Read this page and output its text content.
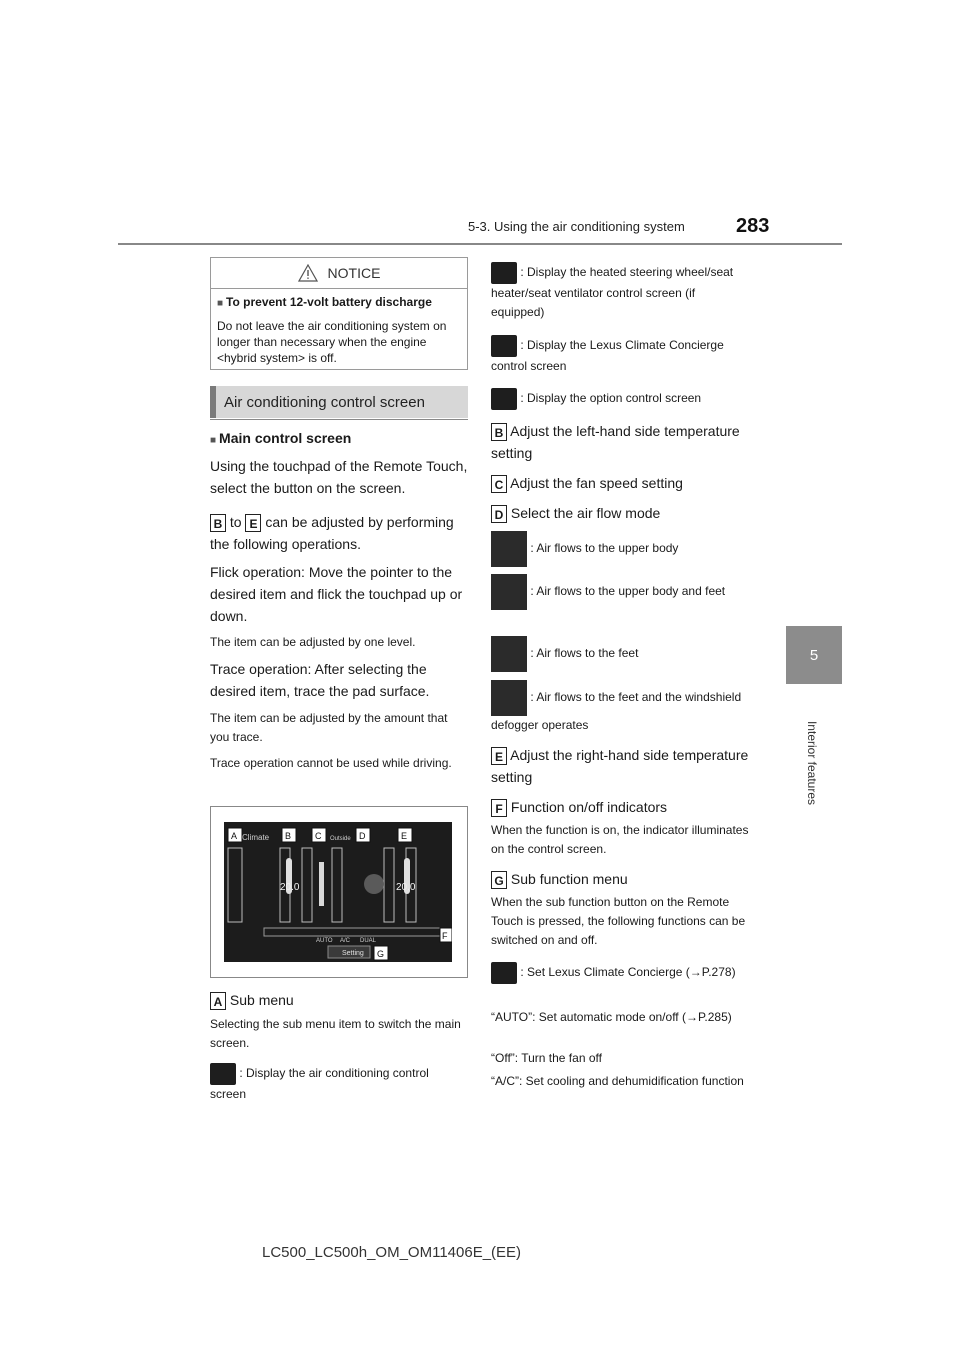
5-3. Using the air conditioning system	283
5
Interior features
NOTICE
■ To prevent 12-volt battery discharge
Do not leave the air conditioning system on longer than necessary when the engine <hybrid system> is off.
Air conditioning control screen
■ Main control screen
Using the touchpad of the Remote Touch, select the button on the screen.
B to E can be adjusted by performing the following operations.
Flick operation: Move the pointer to the desired item and flick the touchpad up or down.
The item can be adjusted by one level.
Trace operation: After selecting the desired item, trace the pad surface.
The item can be adjusted by the amount that you trace.
Trace operation cannot be used while driving.
Climate	Outside
20.0	20.0
AUTO A/C DUAL
Setting
A	B	C	D	E
F
G
A Sub menu
Selecting the sub menu item to switch the main screen.
: Display the air conditioning control screen
: Display the heated steering wheel/seat heater/seat ventilator control screen (if equipped)
: Display the Lexus Climate Concierge control screen
: Display the option control screen
B Adjust the left-hand side temperature setting
C Adjust the fan speed setting
D Select the air flow mode
: Air flows to the upper body
: Air flows to the upper body and feet
: Air flows to the feet
: Air flows to the feet and the windshield defogger operates
E Adjust the right-hand side temperature setting
F Function on/off indicators
When the function is on, the indicator illuminates on the control screen.
G Sub function menu
When the sub function button on the Remote Touch is pressed, the following functions can be switched on and off.
: Set Lexus Climate Concierge (→P.278)
“AUTO”: Set automatic mode on/off (→P.285)
“Off”: Turn the fan off
“A/C”: Set cooling and dehumidification function
LC500_LC500h_OM_OM11406E_(EE)
